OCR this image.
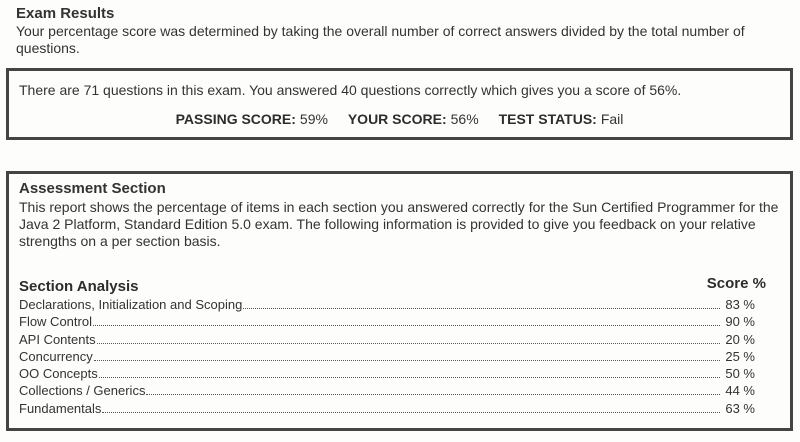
Exam Results
Your percentage score was determined by taking the overall number of correct answers divided by the total number of questions.
There are 71 questions in this exam. You answered 40 questions correctly which gives you a score of 56%.
PASSING SCORE: 59% YOUR SCORE: 56% TEST STATUS: Fail
Assessment Section
This report shows the percentage of items in each section you answered correctly for the Sun Certified Programmer for the Java 2 Platform, Standard Edition 5.0 exam. The following information is provided to give you feedback on your relative strengths on a per section basis.
Section Analysis	Score %
Declarations, Initialization and Scoping	83 %
Flow Control	90 %
API Contents	20 %
Concurrency	25 %
OO Concepts	50 %
Collections / Generics	44 %
Fundamentals	63 %
